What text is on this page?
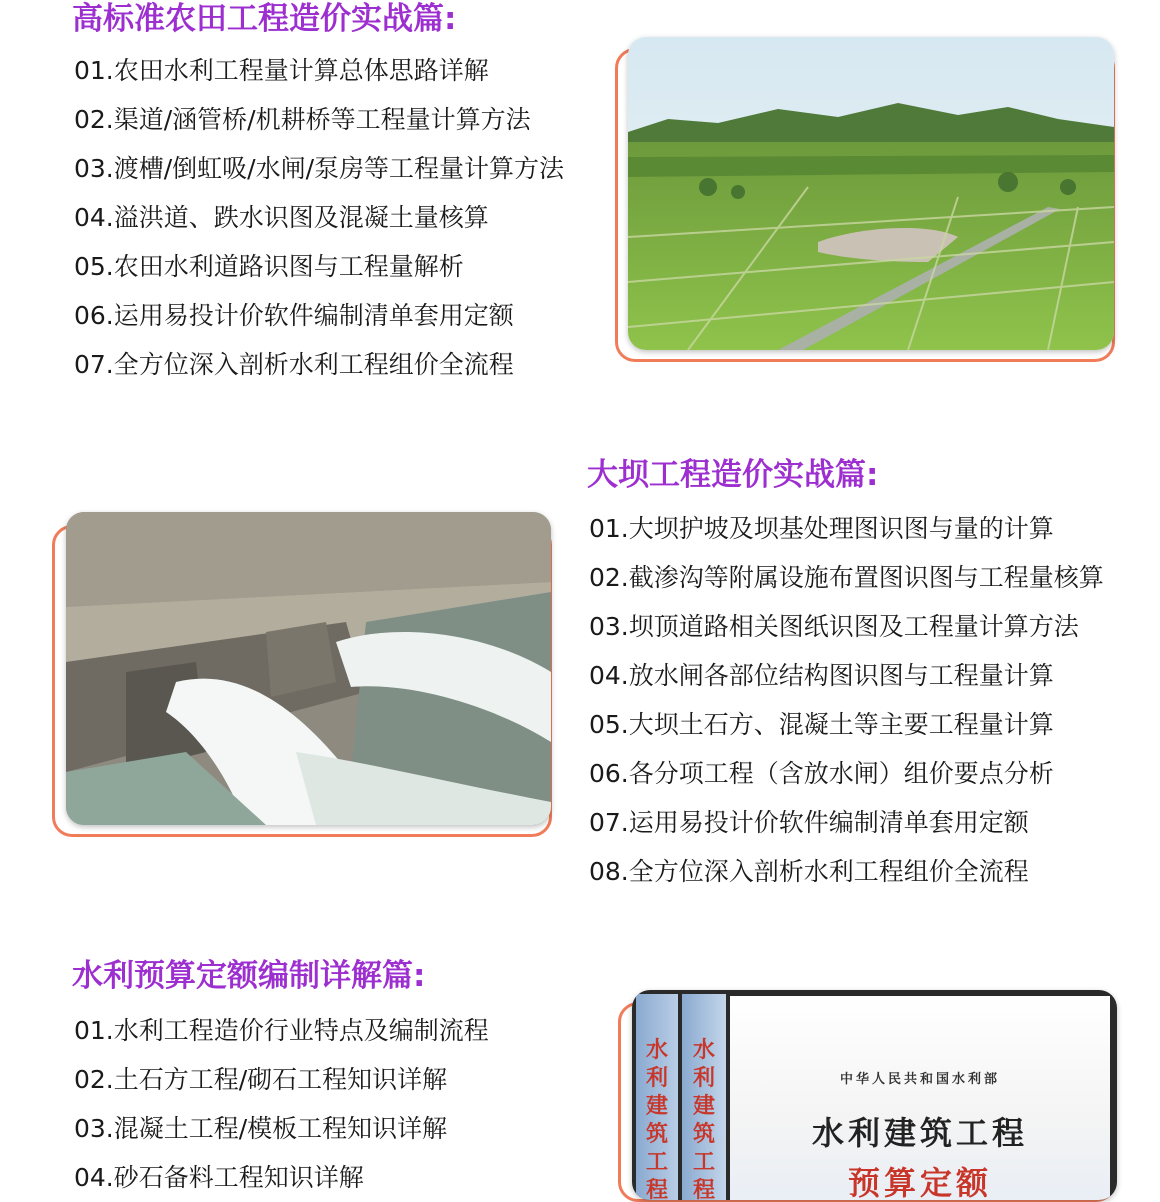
高标准农田工程造价实战篇:
01.农田水利工程量计算总体思路详解
02.渠道/涵管桥/机耕桥等工程量计算方法
03.渡槽/倒虹吸/水闸/泵房等工程量计算方法
04.溢洪道、跌水识图及混凝土量核算
05.农田水利道路识图与工程量解析
06.运用易投计价软件编制清单套用定额
07.全方位深入剖析水利工程组价全流程
大坝工程造价实战篇:
01.大坝护坡及坝基处理图识图与量的计算
02.截渗沟等附属设施布置图识图与工程量核算
03.坝顶道路相关图纸识图及工程量计算方法
04.放水闸各部位结构图识图与工程量计算
05.大坝土石方、混凝土等主要工程量计算
06.各分项工程（含放水闸）组价要点分析
07.运用易投计价软件编制清单套用定额
08.全方位深入剖析水利工程组价全流程
水利预算定额编制详解篇:
01.水利工程造价行业特点及编制流程
02.土石方工程/砌石工程知识详解
03.混凝土工程/模板工程知识详解
04.砂石备料工程知识详解
水利建筑工程
水利建筑工程
中华人民共和国水利部
水利建筑工程
预算定额
